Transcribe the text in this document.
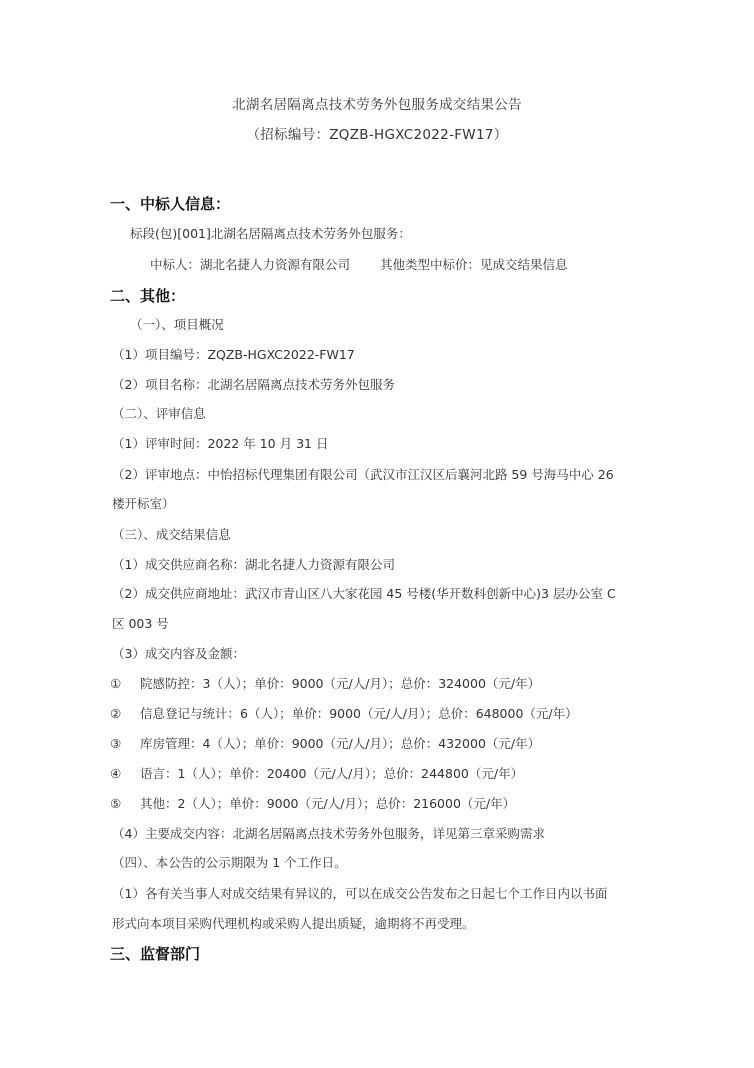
北湖名居隔离点技术劳务外包服务成交结果公告
（招标编号：ZQZB-HGXC2022-FW17）
一、中标人信息：
标段(包)[001]北湖名居隔离点技术劳务外包服务：
中标人：湖北名捷人力资源有限公司 其他类型中标价：见成交结果信息
二、其他：
（一）、项目概况
（1）项目编号：ZQZB-HGXC2022-FW17
（2）项目名称：北湖名居隔离点技术劳务外包服务
（二）、评审信息
（1）评审时间：2022 年 10 月 31 日
（2）评审地点：中怡招标代理集团有限公司（武汉市江汉区后襄河北路 59 号海马中心 26
楼开标室）
（三）、成交结果信息
（1）成交供应商名称：湖北名捷人力资源有限公司
（2）成交供应商地址：武汉市青山区八大家花园 45 号楼(华开数科创新中心)3 层办公室 C
区 003 号
（3）成交内容及金额：
① 院感防控：3（人）；单价：9000（元/人/月）；总价：324000（元/年）
② 信息登记与统计：6（人）；单价：9000（元/人/月）；总价：648000（元/年）
③ 库房管理：4（人）；单价：9000（元/人/月）；总价：432000（元/年）
④ 语言：1（人）；单价：20400（元/人/月）；总价：244800（元/年）
⑤ 其他：2（人）；单价：9000（元/人/月）；总价：216000（元/年）
（4）主要成交内容：北湖名居隔离点技术劳务外包服务，详见第三章采购需求
（四）、本公告的公示期限为 1 个工作日。
（1）各有关当事人对成交结果有异议的，可以在成交公告发布之日起七个工作日内以书面
形式向本项目采购代理机构或采购人提出质疑，逾期将不再受理。
三、监督部门
